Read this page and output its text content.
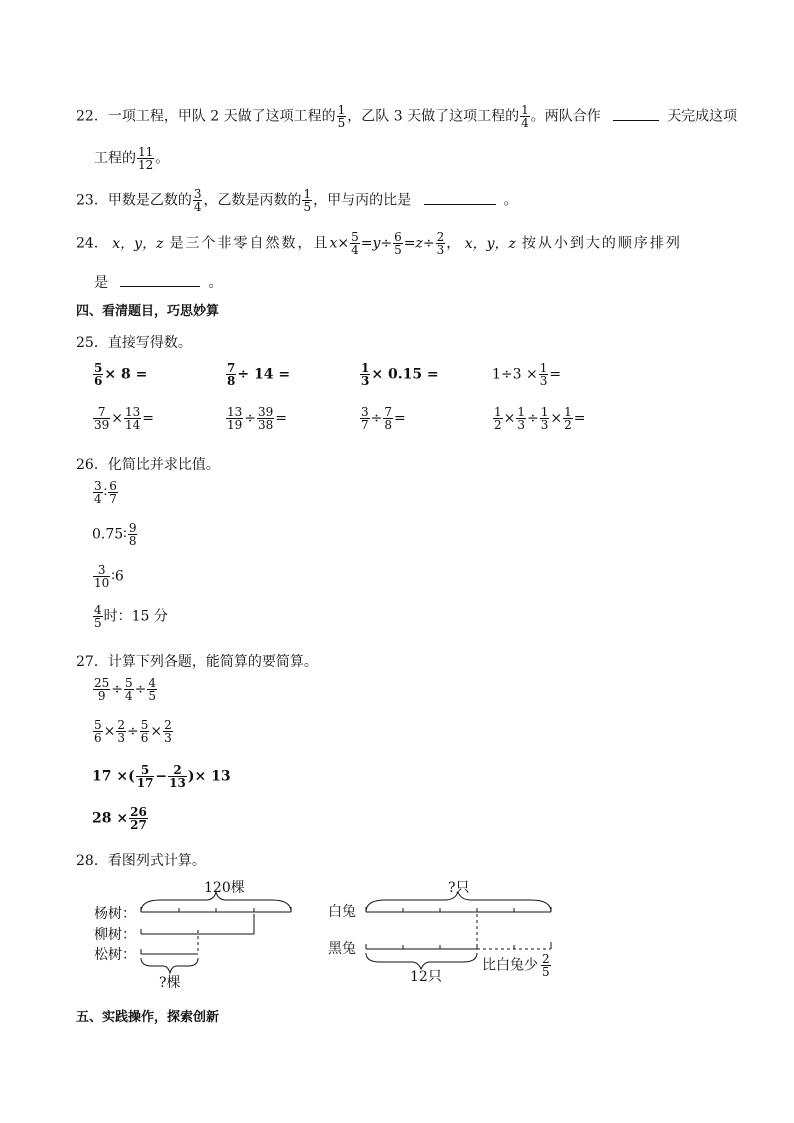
22．一项工程，甲队 2 天做了这项工程的 $\frac{1}{5}$ ，乙队 3 天做了这项工程的 $\frac{1}{4}$ 。两队合作	天完成这项
工程的 $\frac{11}{12}$ 。
23．甲数是乙数的 $\frac{3}{4}$ ，乙数是丙数的 $\frac{1}{5}$ ，甲与丙的比是	。
24． x，y，z 是三个非零自然数，且$x\times \frac{5}{4} =y\div \frac{6}{5} =z\div \frac{2}{3}$ ， x，y，z 按从小到大的顺序排列
是	。
四、看清题目，巧思妙算
25．直接写得数。
$\frac{5}{6} \times 8$ =	$\frac{7}{8} \div 14$ =	$\frac{1}{3} \times 0.15$ =	$1\div 3 \times \frac{1}{3}$ =
$\frac{7}{39} \times \frac{13}{14}$ =	$\frac{13}{19} \div \frac{39}{38}$ =	$\frac{3}{7} \div \frac{7}{8}$ =	$\frac{1}{2} \times \frac{1}{3} \div \frac{1}{3} \times \frac{1}{2}$ =
26．化简比并求比值。
$\frac{3}{4}$ ∶ $\frac{6}{7}$
0.75∶ $\frac{9}{8}$
$\frac{3}{10}$ ∶6
$\frac{4}{5}$ 时：15 分
27．计算下列各题，能简算的要简算。
$\frac{25}{9} \div \frac{5}{4} \div \frac{4}{5}$
$\frac{5}{6} \times \frac{2}{3} \div \frac{5}{6} \times \frac{2}{3}$
17 ×( $\frac{5}{17} - \frac{2}{13}$ )× 13
$28 \times \frac{26}{27}$
28．看图列式计算。
120棵
杨树：
柳树：
松树：
?棵
?只
白兔
黑兔
12只
比白兔少 $\frac{2}{5}$
五、实践操作，探索创新
